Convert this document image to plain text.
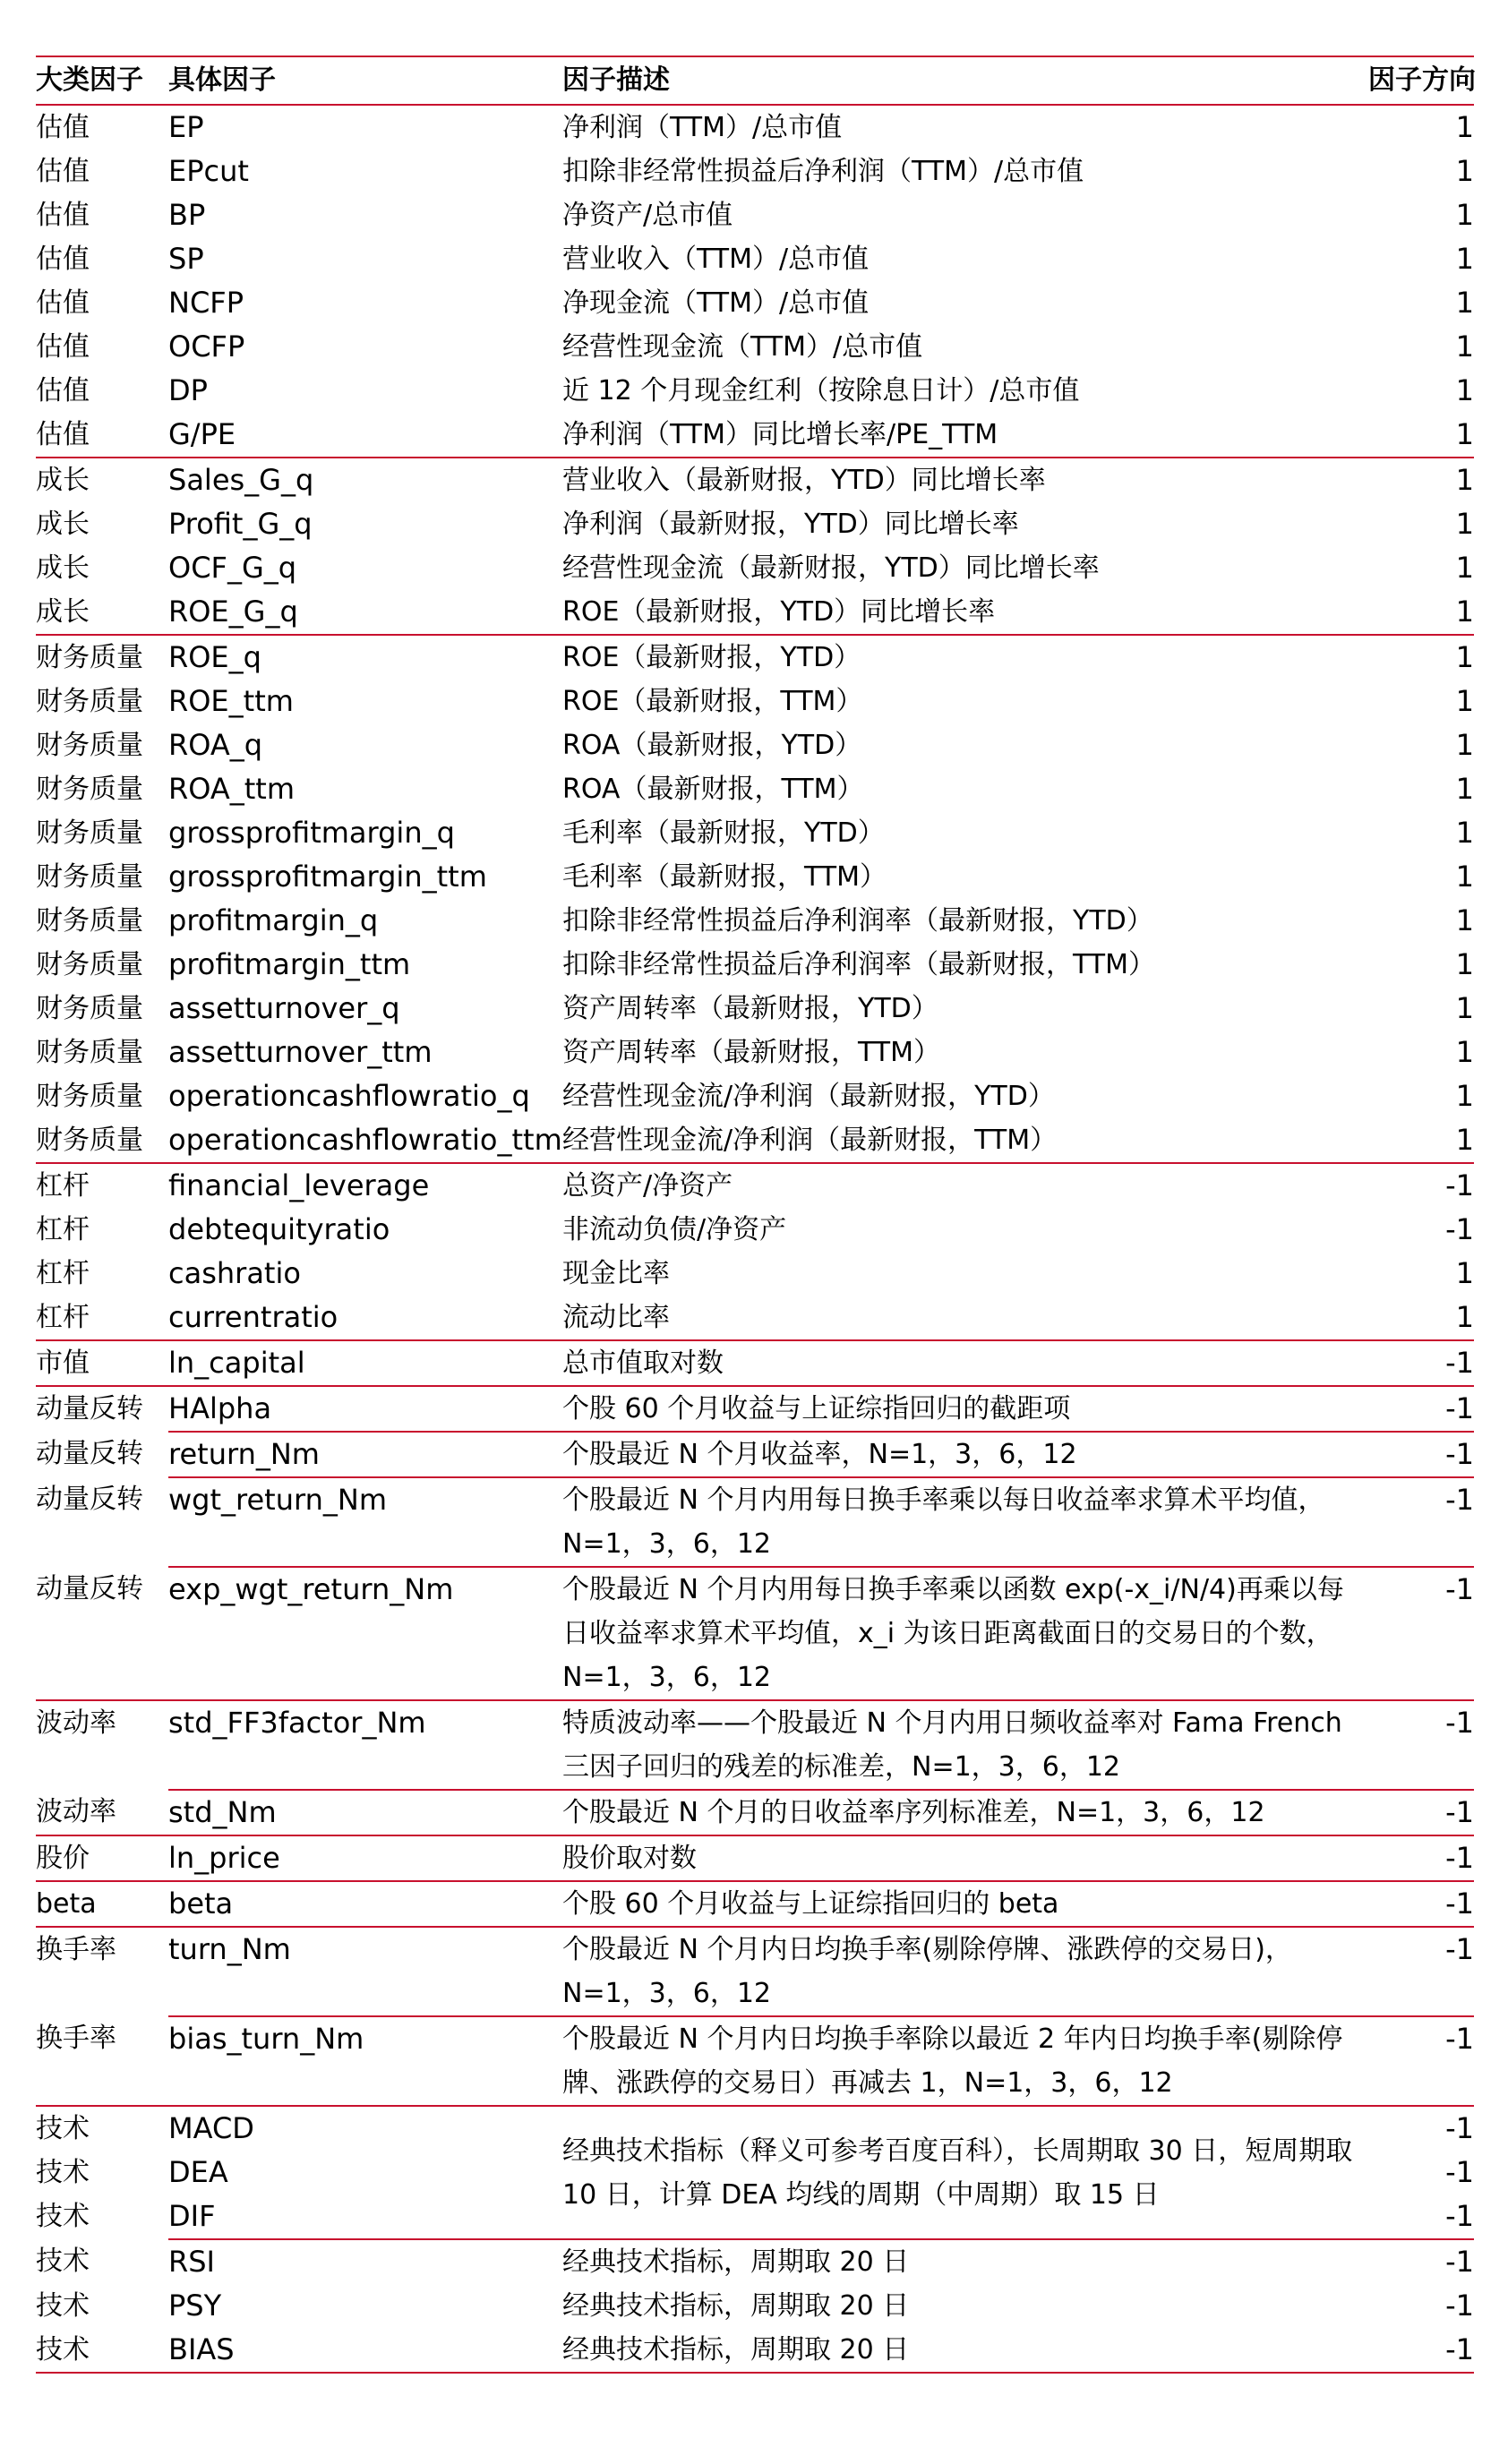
大类因子	具体因子	因子描述	因子方向
估值	EP	净利润（TTM）/总市值	1
估值	EPcut	扣除非经常性损益后净利润（TTM）/总市值	1
估值	BP	净资产/总市值	1
估值	SP	营业收入（TTM）/总市值	1
估值	NCFP	净现金流（TTM）/总市值	1
估值	OCFP	经营性现金流（TTM）/总市值	1
估值	DP	近 12 个月现金红利（按除息日计）/总市值	1
估值	G/PE	净利润（TTM）同比增长率/PE_TTM	1
成长	Sales_G_q	营业收入（最新财报，YTD）同比增长率	1
成长	Profit_G_q	净利润（最新财报，YTD）同比增长率	1
成长	OCF_G_q	经营性现金流（最新财报，YTD）同比增长率	1
成长	ROE_G_q	ROE（最新财报，YTD）同比增长率	1
财务质量	ROE_q	ROE（最新财报，YTD）	1
财务质量	ROE_ttm	ROE（最新财报，TTM）	1
财务质量	ROA_q	ROA（最新财报，YTD）	1
财务质量	ROA_ttm	ROA（最新财报，TTM）	1
财务质量	grossprofitmargin_q	毛利率（最新财报，YTD）	1
财务质量	grossprofitmargin_ttm	毛利率（最新财报，TTM）	1
财务质量	profitmargin_q	扣除非经常性损益后净利润率（最新财报，YTD）	1
财务质量	profitmargin_ttm	扣除非经常性损益后净利润率（最新财报，TTM）	1
财务质量	assetturnover_q	资产周转率（最新财报，YTD）	1
财务质量	assetturnover_ttm	资产周转率（最新财报，TTM）	1
财务质量	operationcashflowratio_q	经营性现金流/净利润（最新财报，YTD）	1
财务质量	operationcashflowratio_ttm	经营性现金流/净利润（最新财报，TTM）	1
杠杆	financial_leverage	总资产/净资产	-1
杠杆	debtequityratio	非流动负债/净资产	-1
杠杆	cashratio	现金比率	1
杠杆	currentratio	流动比率	1
市值	ln_capital	总市值取对数	-1
动量反转	HAlpha	个股 60 个月收益与上证综指回归的截距项	-1
动量反转	return_Nm	个股最近 N 个月收益率，N=1，3，6，12	-1
动量反转	wgt_return_Nm	个股最近 N 个月内用每日换手率乘以每日收益率求算术平均值，N=1，3，6，12	-1
动量反转	exp_wgt_return_Nm	个股最近 N 个月内用每日换手率乘以函数 exp(-x_i/N/4)再乘以每日收益率求算术平均值，x_i 为该日距离截面日的交易日的个数，N=1，3，6，12	-1
波动率	std_FF3factor_Nm	特质波动率——个股最近 N 个月内用日频收益率对 Fama French 三因子回归的残差的标准差，N=1，3，6，12	-1
波动率	std_Nm	个股最近 N 个月的日收益率序列标准差，N=1，3，6，12	-1
股价	ln_price	股价取对数	-1
beta	beta	个股 60 个月收益与上证综指回归的 beta	-1
换手率	turn_Nm	个股最近 N 个月内日均换手率(剔除停牌、涨跌停的交易日)，N=1，3，6，12	-1
换手率	bias_turn_Nm	个股最近 N 个月内日均换手率除以最近 2 年内日均换手率(剔除停牌、涨跌停的交易日）再减去 1，N=1，3，6，12	-1
技术	MACD	经典技术指标（释义可参考百度百科），长周期取 30 日，短周期取 10 日，计算 DEA 均线的周期（中周期）取 15 日	-1
技术	DEA		-1
技术	DIF		-1
技术	RSI	经典技术指标，周期取 20 日	-1
技术	PSY	经典技术指标，周期取 20 日	-1
技术	BIAS	经典技术指标，周期取 20 日	-1
